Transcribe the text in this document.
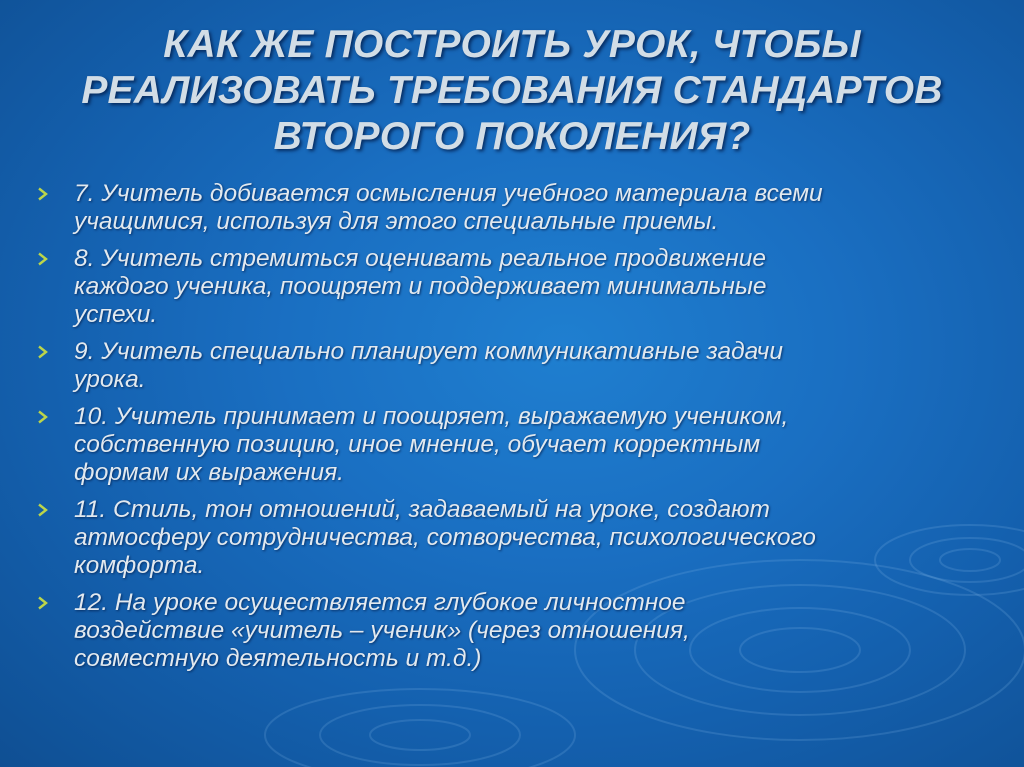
КАК ЖЕ ПОСТРОИТЬ УРОК, ЧТОБЫ
РЕАЛИЗОВАТЬ ТРЕБОВАНИЯ СТАНДАРТОВ
ВТОРОГО ПОКОЛЕНИЯ?
7. Учитель добивается осмысления учебного материала всеми
учащимися, используя для этого специальные приемы.
8. Учитель стремиться оценивать реальное продвижение
каждого ученика, поощряет и поддерживает минимальные
успехи.
9. Учитель специально планирует коммуникативные задачи
урока.
10. Учитель принимает и поощряет, выражаемую учеником,
собственную позицию, иное мнение, обучает корректным
формам их выражения.
11. Стиль, тон отношений, задаваемый на уроке, создают
атмосферу сотрудничества, сотворчества, психологического
комфорта.
12. На уроке осуществляется глубокое личностное
воздействие «учитель – ученик» (через отношения,
совместную деятельность и т.д.)
